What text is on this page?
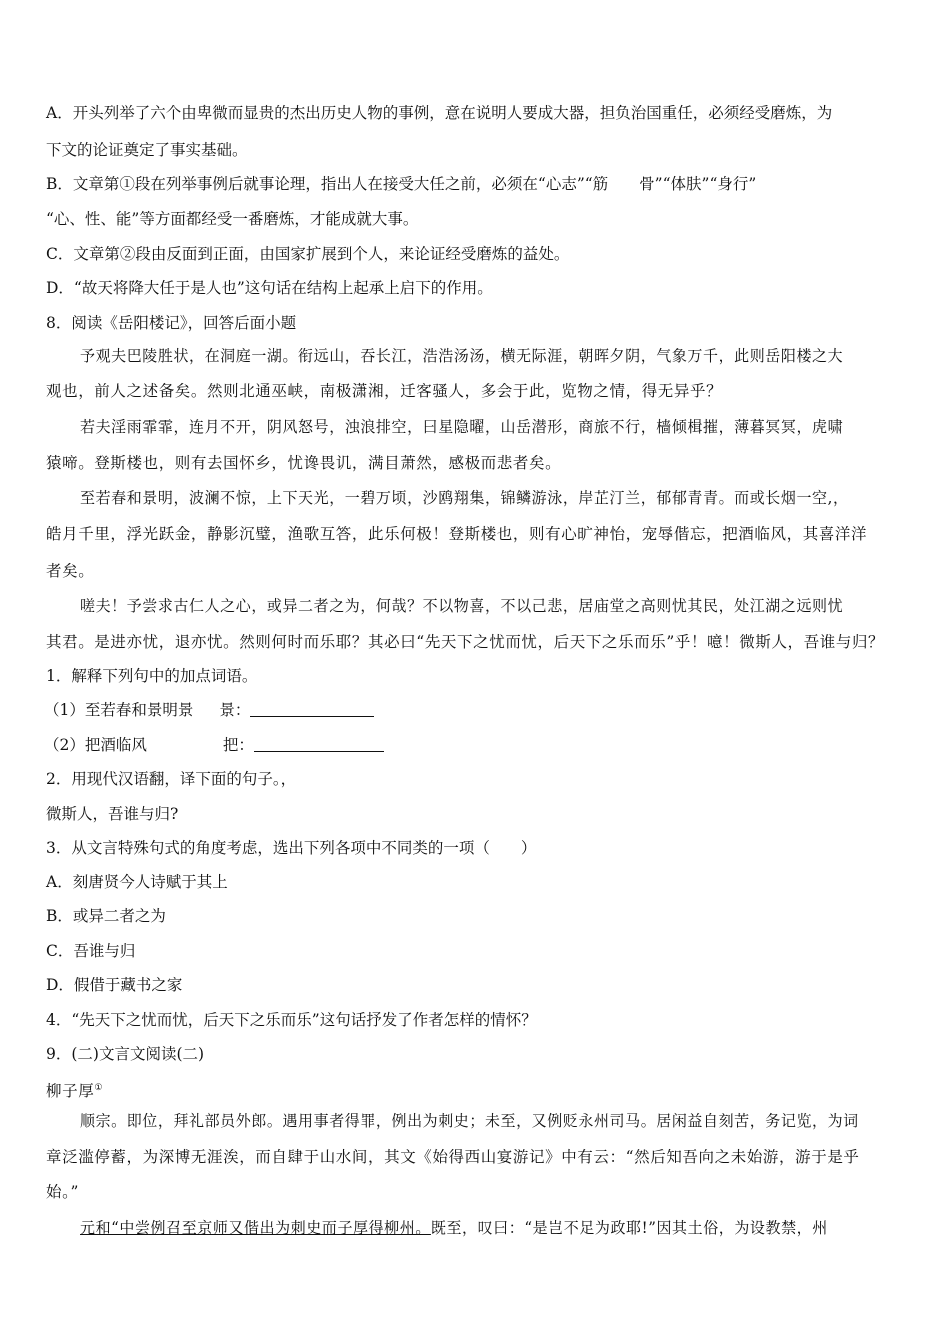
A．开头列举了六个由卑微而显贵的杰出历史人物的事例，意在说明人要成大器，担负治国重任，必须经受磨炼，为
下文的论证奠定了事实基础。
B．文章第①段在列举事例后就事论理，指出人在接受大任之前，必须在“心志”“筋　　骨”“体肤”“身行”
“心、性、能”等方面都经受一番磨炼，才能成就大事。
C．文章第②段由反面到正面，由国家扩展到个人，来论证经受磨炼的益处。
D．“故天将降大任于是人也”这句话在结构上起承上启下的作用。
8．阅读《岳阳楼记》，回答后面小题
予观夫巴陵胜状，在洞庭一湖。衔远山，吞长江，浩浩汤汤，横无际涯，朝晖夕阴，气象万千，此则岳阳楼之大
观也，前人之述备矣。然则北通巫峡，南极潇湘，迁客骚人，多会于此，览物之情，得无异乎？
若夫淫雨霏霏，连月不开，阴风怒号，浊浪排空，曰星隐曜，山岳潜形，商旅不行，樯倾楫摧，薄暮冥冥，虎啸
猿啼。登斯楼也，则有去国怀乡，忧谗畏讥，满目萧然，感极而悲者矣。
至若春和景明，波澜不惊，上下天光，一碧万顷，沙鸥翔集，锦鳞游泳，岸芷汀兰，郁郁青青。而或长烟一空,，
皓月千里，浮光跃金，静影沉璧，渔歌互答，此乐何极！登斯楼也，则有心旷神怡，宠辱偕忘，把酒临风，其喜洋洋
者矣。
嗟夫！予尝求古仁人之心，或异二者之为，何哉？不以物喜，不以己悲，居庙堂之高则忧其民，处江湖之远则忧
其君。是进亦忧，退亦忧。然则何时而乐耶？其必曰“先天下之忧而忧，后天下之乐而乐”乎！噫！微斯人，吾谁与归？
1．解释下列句中的加点词语。
（1）至若春和景明景 景：
（2）把酒临风	把：
2．用现代汉语翻，译下面的句子。，
微斯人，吾谁与归?
3．从文言特殊句式的角度考虑，选出下列各项中不同类的一项（　　）
A．刻唐贤今人诗赋于其上
B．或异二者之为
C．吾谁与归
D．假借于藏书之家
4．“先天下之忧而忧，后天下之乐而乐”这句话抒发了作者怎样的情怀？
9．(二)文言文阅读(二)
柳子厚①
顺宗。即位，拜礼部员外郎。遇用事者得罪，例出为刺史；未至，又例贬永州司马。居闲益自刻苦，务记览，为词
章泛滥停蓄，为深博无涯涘，而自肆于山水间，其文《始得西山宴游记》中有云：“然后知吾向之未始游，游于是乎
始。”
元和“中尝例召至京师又偕出为刺史而子厚得柳州。既至，叹曰：“是岂不足为政耶!”因其土俗，为设教禁，州
